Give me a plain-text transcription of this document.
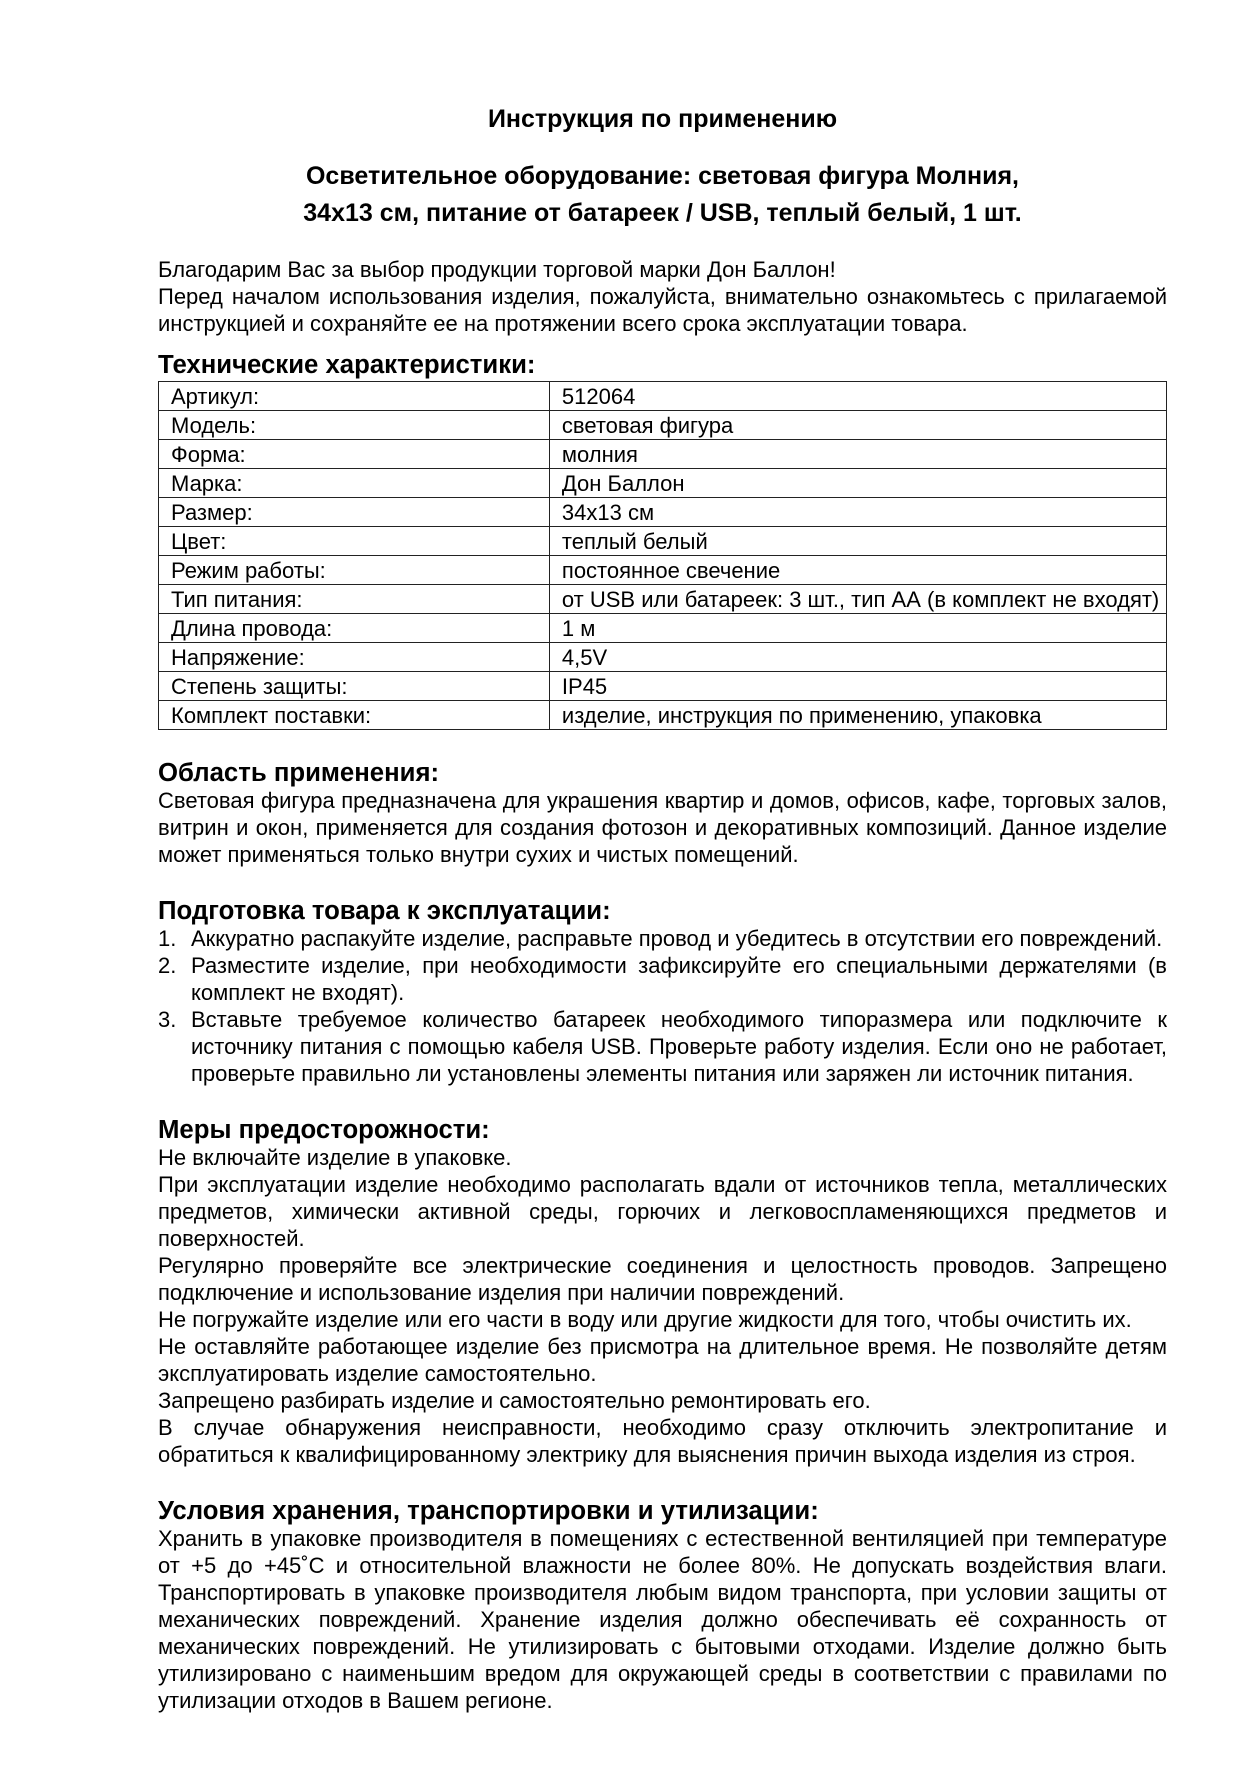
Инструкция по применению
Осветительное оборудование: световая фигура Молния,
34х13 см, питание от батареек / USB, теплый белый, 1 шт.

Благодарим Вас за выбор продукции торговой марки Дон Баллон!

Перед началом использования изделия, пожалуйста, внимательно ознакомьтесь с прилагаемой инструкцией и сохраняйте ее на протяжении всего срока эксплуатации товара.

Технические характеристики:
Артикул:	512064
Модель:	световая фигура
Форма:	молния
Марка:	Дон Баллон
Размер:	34х13 см
Цвет:	теплый белый
Режим работы:	постоянное свечение
Тип питания:	от USB или батареек: 3 шт., тип АА (в комплект не входят)
Длина провода:	1 м
Напряжение:	4,5V
Степень защиты:	IP45
Комплект поставки:	изделие, инструкция по применению, упаковка
Область применения:

Световая фигура предназначена для украшения квартир и домов, офисов, кафе, торговых залов, витрин и окон, применяется для создания фотозон и декоративных композиций. Данное изделие может применяться только внутри сухих и чистых помещений.

Подготовка товара к эксплуатации:
1. Аккуратно распакуйте изделие, расправьте провод и убедитесь в отсутствии его повреждений.
2. Разместите изделие, при необходимости зафиксируйте его специальными держателями (в комплект не входят).
3. Вставьте требуемое количество батареек необходимого типоразмера или подключите к источнику питания с помощью кабеля USB. Проверьте работу изделия. Если оно не работает, проверьте правильно ли установлены элементы питания или заряжен ли источник питания.
Меры предосторожности:

Не включайте изделие в упаковке.

При эксплуатации изделие необходимо располагать вдали от источников тепла, металлических предметов, химически активной среды, горючих и легковоспламеняющихся предметов и поверхностей.

Регулярно проверяйте все электрические соединения и целостность проводов. Запрещено подключение и использование изделия при наличии повреждений.

Не погружайте изделие или его части в воду или другие жидкости для того, чтобы очистить их.

Не оставляйте работающее изделие без присмотра на длительное время. Не позволяйте детям эксплуатировать изделие самостоятельно.

Запрещено разбирать изделие и самостоятельно ремонтировать его.

В случае обнаружения неисправности, необходимо сразу отключить электропитание и обратиться к квалифицированному электрику для выяснения причин выхода изделия из строя.

Условия хранения, транспортировки и утилизации:

Хранить в упаковке производителя в помещениях с естественной вентиляцией при температуре от +5 до +45˚С и относительной влажности не более 80%. Не допускать воздействия влаги. Транспортировать в упаковке производителя любым видом транспорта, при условии защиты от механических повреждений. Хранение изделия должно обеспечивать её сохранность от механических повреждений. Не утилизировать с бытовыми отходами. Изделие должно быть утилизировано с наименьшим вредом для окружающей среды в соответствии с правилами по утилизации отходов в Вашем регионе.
